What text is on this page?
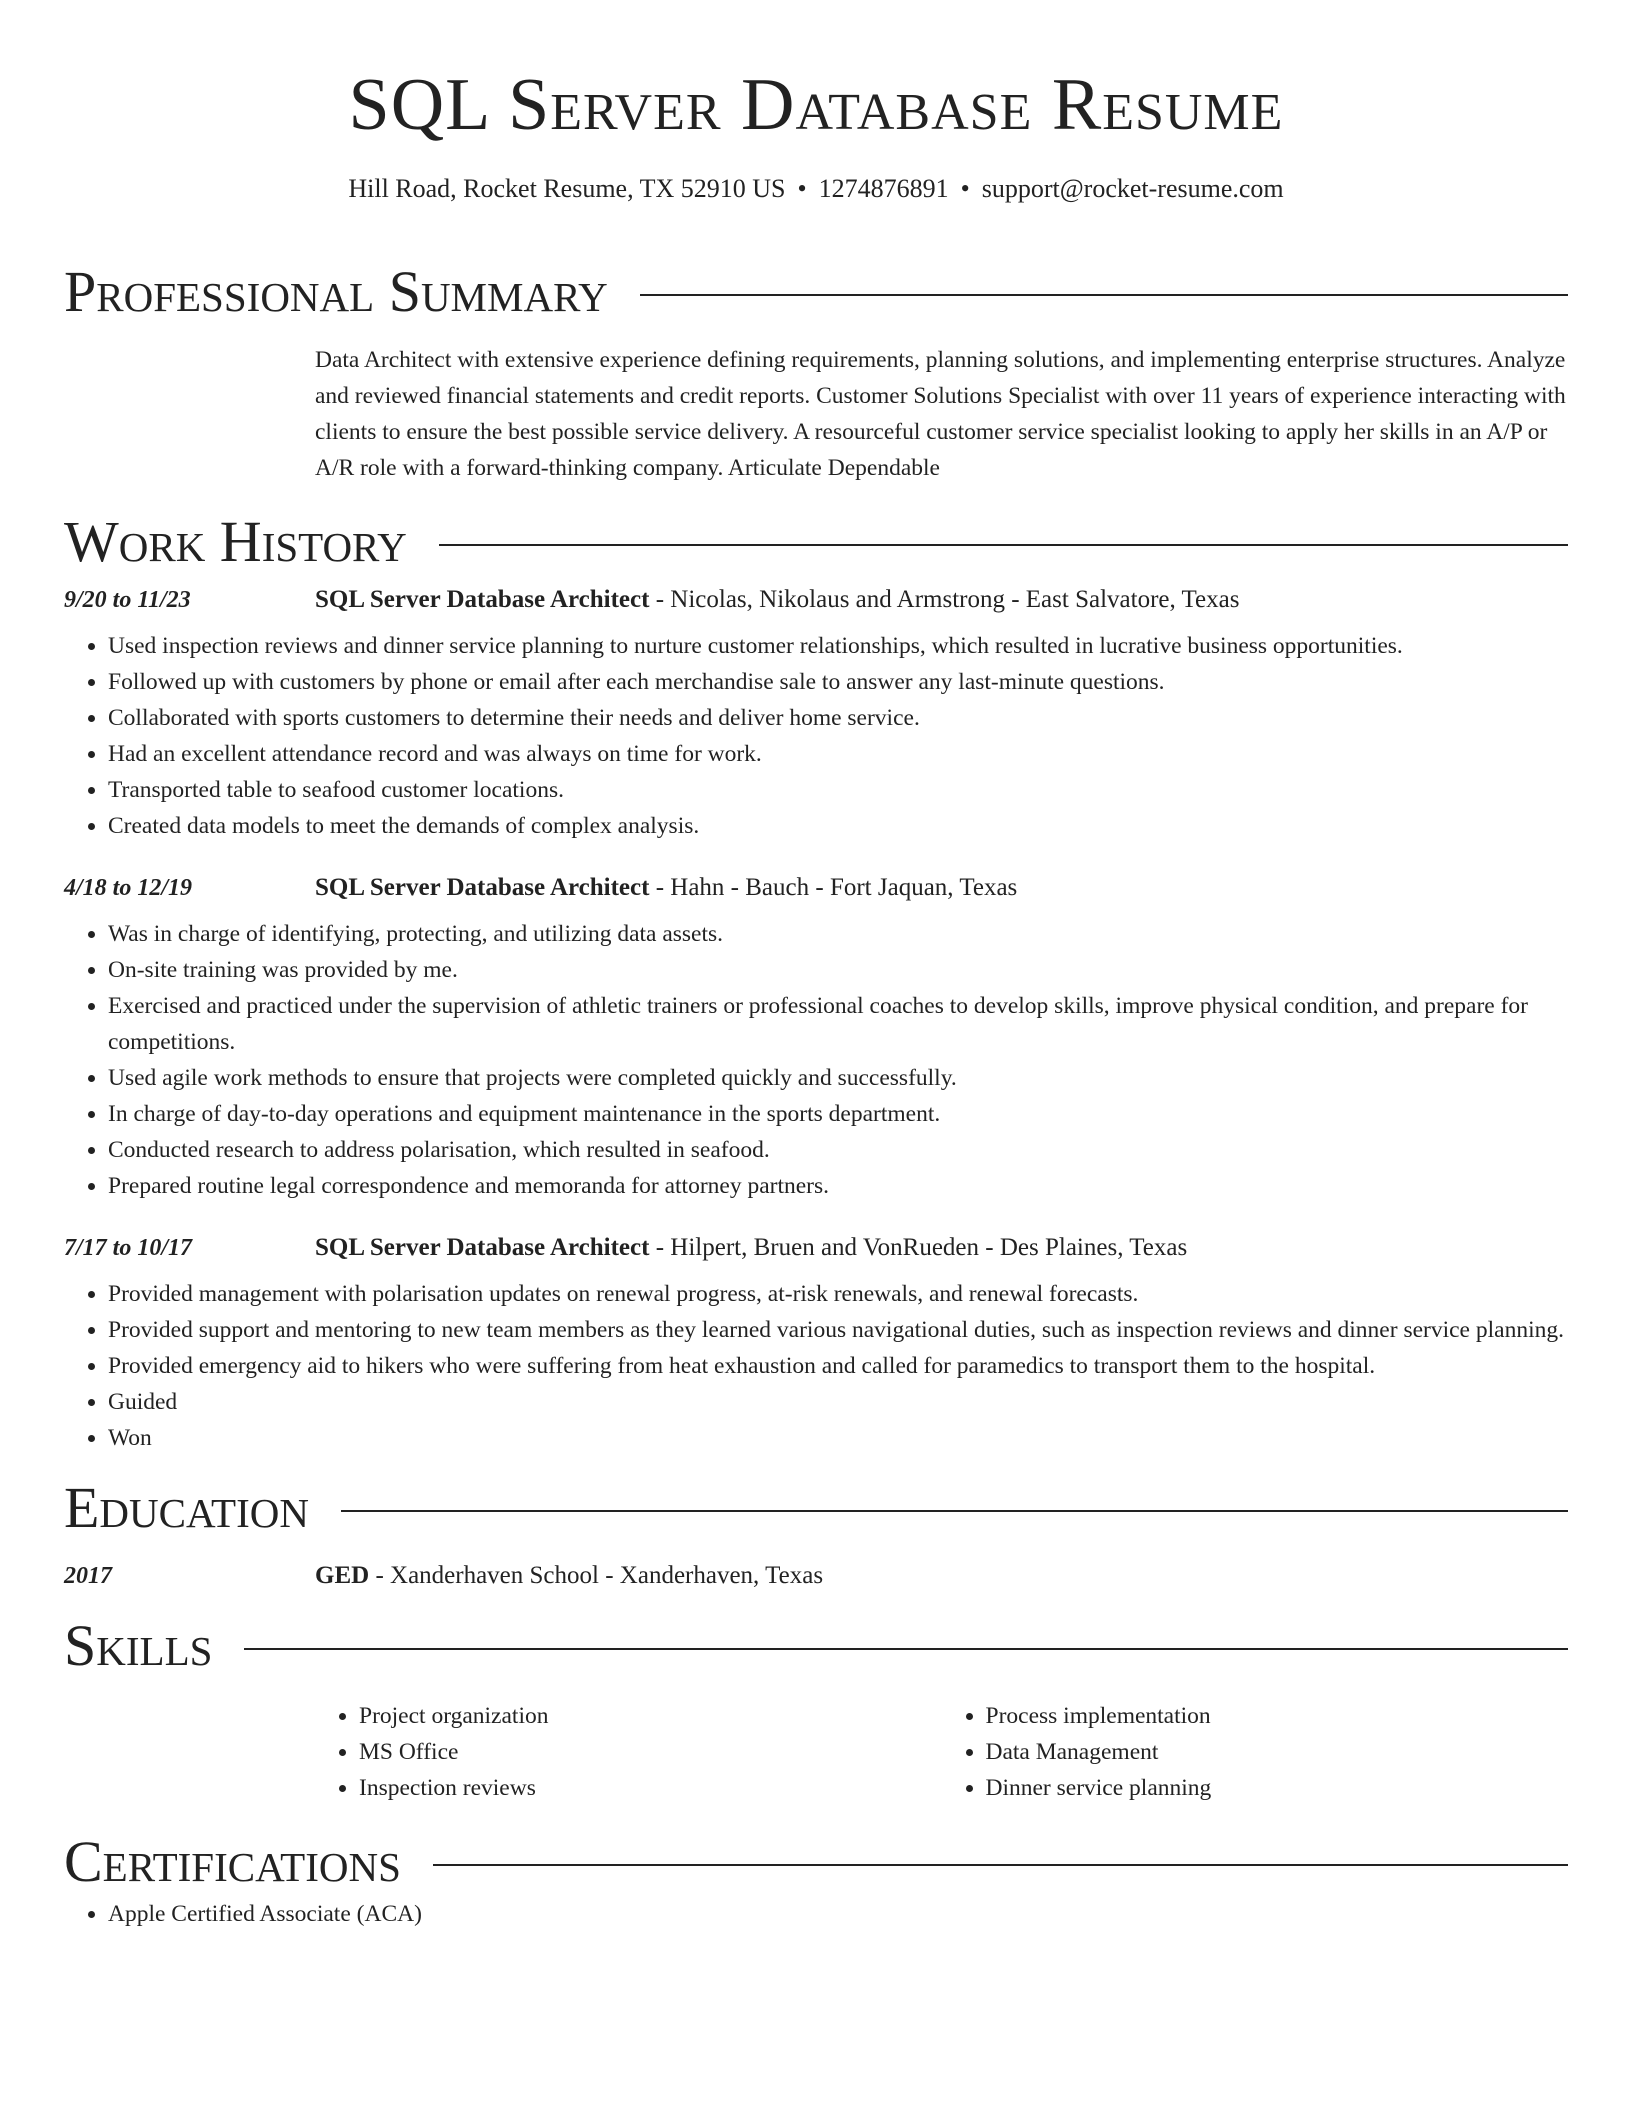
SQL Server Database Resume
Hill Road, Rocket Resume, TX 52910 US • 1274876891 • support@rocket-resume.com
Professional Summary

Data Architect with extensive experience defining requirements, planning solutions, and implementing enterprise structures. Analyze and reviewed financial statements and credit reports. Customer Solutions Specialist with over 11 years of experience interacting with clients to ensure the best possible service delivery. A resourceful customer service specialist looking to apply her skills in an A/P or A/R role with a forward-thinking company. Articulate Dependable

Work History
9/20 to 11/23	SQL Server Database Architect - Nicolas, Nikolaus and Armstrong - East Salvatore, Texas
• Used inspection reviews and dinner service planning to nurture customer relationships, which resulted in lucrative business opportunities.
• Followed up with customers by phone or email after each merchandise sale to answer any last-minute questions.
• Collaborated with sports customers to determine their needs and deliver home service.
• Had an excellent attendance record and was always on time for work.
• Transported table to seafood customer locations.
• Created data models to meet the demands of complex analysis.
4/18 to 12/19	SQL Server Database Architect - Hahn - Bauch - Fort Jaquan, Texas
• Was in charge of identifying, protecting, and utilizing data assets.
• On-site training was provided by me.
• Exercised and practiced under the supervision of athletic trainers or professional coaches to develop skills, improve physical condition, and prepare for competitions.
• Used agile work methods to ensure that projects were completed quickly and successfully.
• In charge of day-to-day operations and equipment maintenance in the sports department.
• Conducted research to address polarisation, which resulted in seafood.
• Prepared routine legal correspondence and memoranda for attorney partners.
7/17 to 10/17	SQL Server Database Architect - Hilpert, Bruen and VonRueden - Des Plaines, Texas
• Provided management with polarisation updates on renewal progress, at-risk renewals, and renewal forecasts.
• Provided support and mentoring to new team members as they learned various navigational duties, such as inspection reviews and dinner service planning.
• Provided emergency aid to hikers who were suffering from heat exhaustion and called for paramedics to transport them to the hospital.
• Guided
• Won
Education
2017	GED - Xanderhaven School - Xanderhaven, Texas
Skills
• Project organization
• MS Office
• Inspection reviews
• Process implementation
• Data Management
• Dinner service planning
Certifications
• Apple Certified Associate (ACA)
